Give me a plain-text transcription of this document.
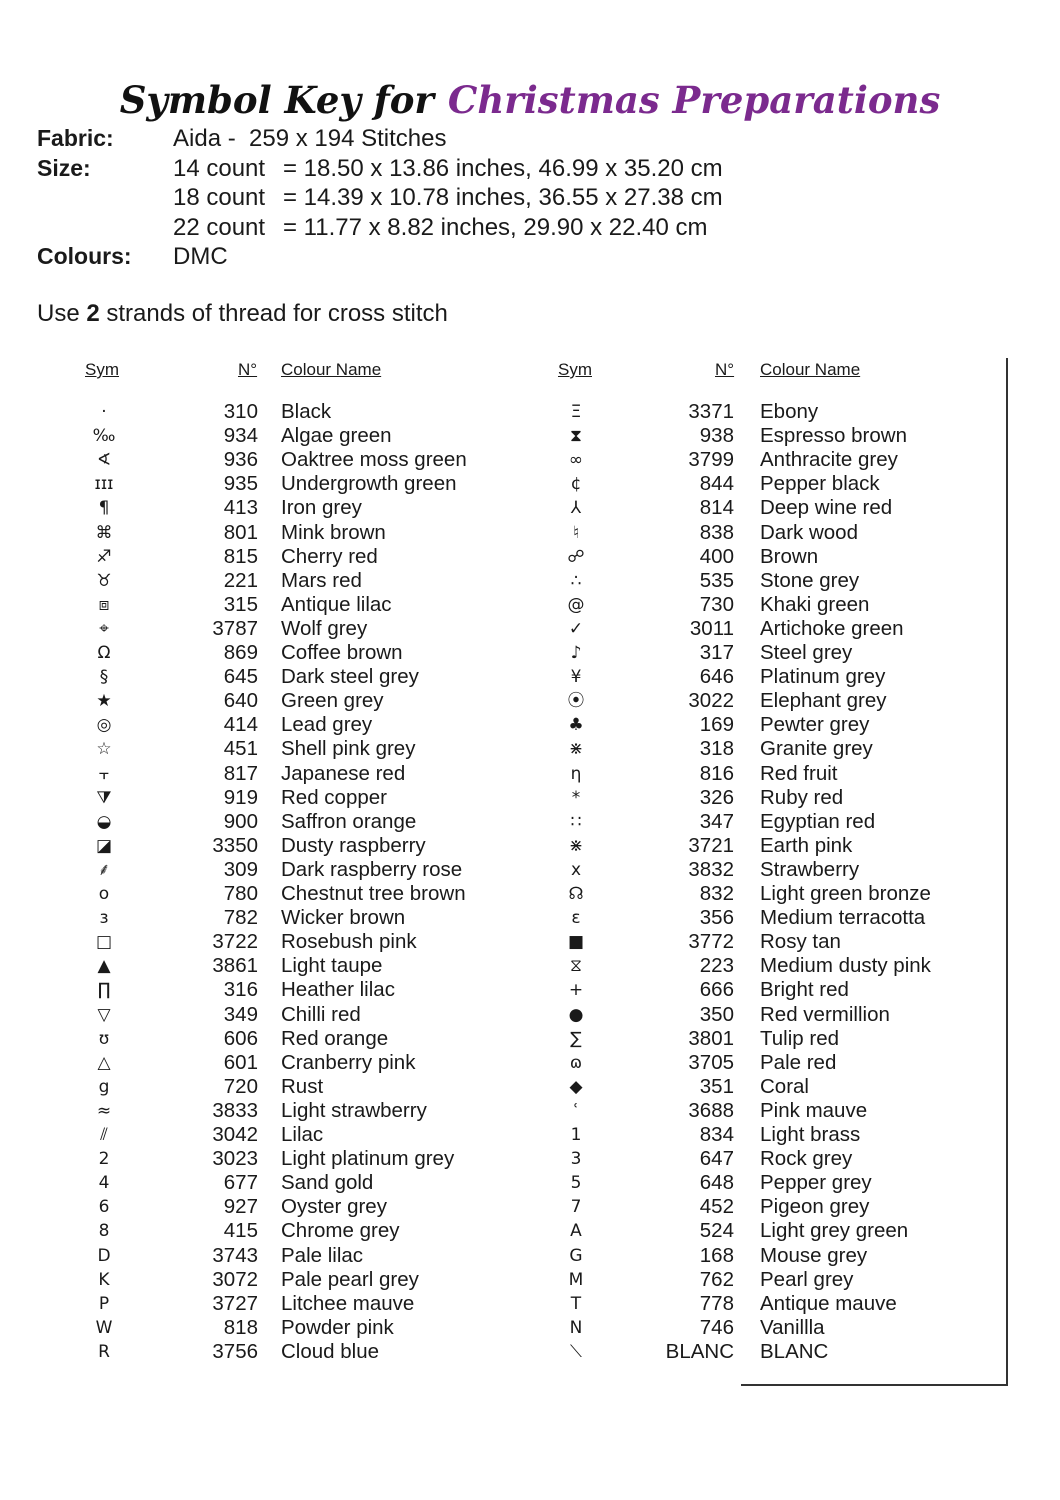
Symbol Key for Christmas Preparations
Fabric: Aida -  259 x 194 Stitches
Size:	14 count = 18.50 x 13.86 inches, 46.99 x 35.20 cm
18 count = 14.39 x 10.78 inches, 36.55 x 27.38 cm
22 count = 11.77 x 8.82 inches, 29.90 x 22.40 cm
Colours: DMC
Use 2 strands of thread for cross stitch
Sym	N° Colour Name	Sym	N° Colour Name
·	310 Black	Ξ	3371 Ebony
‰	934 Algae green	⧗	938 Espresso brown
∢	936 Oaktree moss green	∞	3799 Anthracite grey
ɪɪɪ	935 Undergrowth green	¢	844 Pepper black
¶	413 Iron grey	⅄	814 Deep wine red
⌘	801 Mink brown	♮	838 Dark wood
♐	815 Cherry red	☍	400 Brown
♉	221 Mars red	∴	535 Stone grey
⧈	315 Antique lilac	@	730 Khaki green
⌖	3787 Wolf grey	✓	3011 Artichoke green
Ω	869 Coffee brown	♪	317 Steel grey
§	645 Dark steel grey	¥	646 Platinum grey
★	640 Green grey	⦿	3022 Elephant grey
◎	414 Lead grey	♣	169 Pewter grey
☆	451 Shell pink grey	⋇	318 Granite grey
⫟	817 Japanese red	ƞ	816 Red fruit
⧩	919 Red copper	*	326 Ruby red
◒	900 Saffron orange	∷	347 Egyptian red
◪	3350 Dusty raspberry	⋇	3721 Earth pink
⸙	309 Dark raspberry rose	x	3832 Strawberry
o	780 Chestnut tree brown	☊	832 Light green bronze
ɜ	782 Wicker brown	ε	356 Medium terracotta
□	3722 Rosebush pink	■	3772 Rosy tan
▲	3861 Light taupe	⧖	223 Medium dusty pink
∏	316 Heather lilac	+	666 Bright red
▽	349 Chilli red	●	350 Red vermillion
ʊ	606 Red orange	∑	3801 Tulip red
△	601 Cranberry pink	ɷ	3705 Pale red
g	720 Rust	◆	351 Coral
≈	3833 Light strawberry	ʿ	3688 Pink mauve
⫽	3042 Lilac	1	834 Light brass
2	3023 Light platinum grey	3	647 Rock grey
4	677 Sand gold	5	648 Pepper grey
6	927 Oyster grey	7	452 Pigeon grey
8	415 Chrome grey	A	524 Light grey green
D	3743 Pale lilac	G	168 Mouse grey
K	3072 Pale pearl grey	M	762 Pearl grey
P	3727 Litchee mauve	T	778 Antique mauve
W	818 Powder pink	N	746 Vanillla
R	3756 Cloud blue	⟍	BLANC BLANC
